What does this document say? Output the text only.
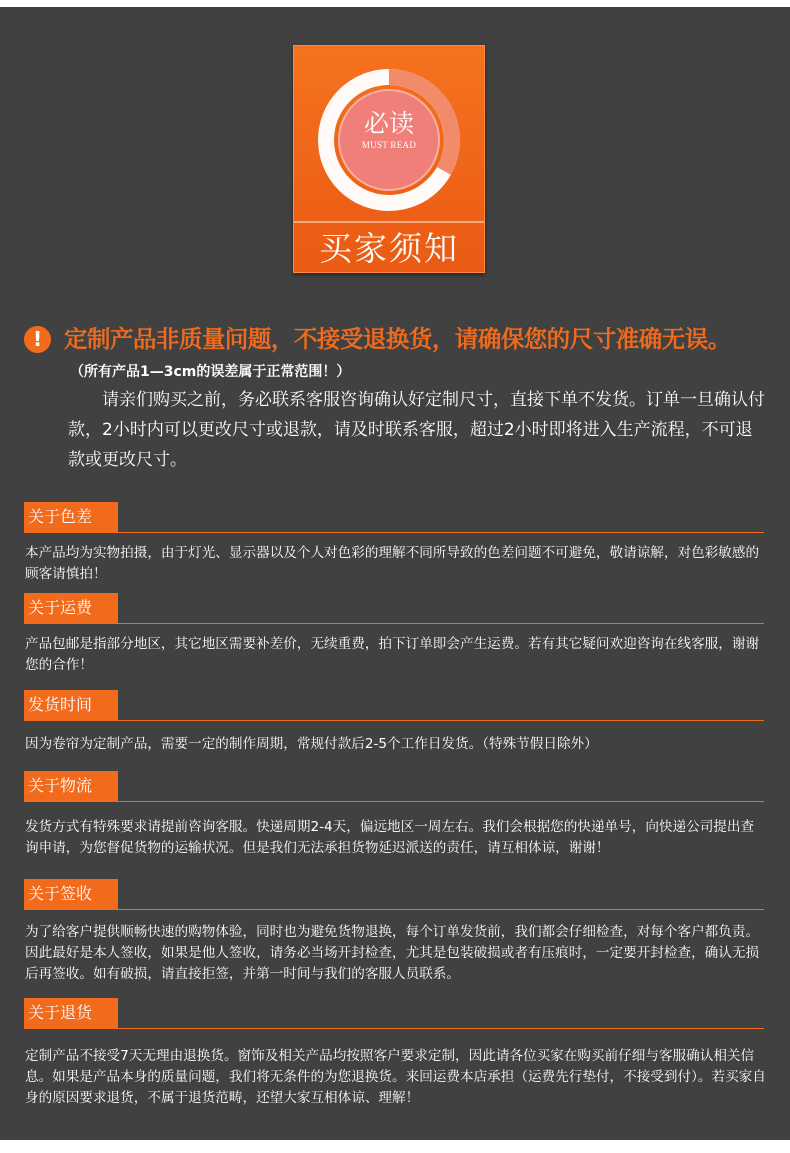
必读
MUST READ
买家须知
! 定制产品非质量问题，不接受退换货，请确保您的尺寸准确无误。
（所有产品1—3cm的误差属于正常范围！）

请亲们购买之前，务必联系客服咨询确认好定制尺寸，直接下单不发货。订单一旦确认付款，2小时内可以更改尺寸或退款，请及时联系客服，超过2小时即将进入生产流程，不可退款或更改尺寸。

关于色差
本产品均为实物拍摄，由于灯光、显示器以及个人对色彩的理解不同所导致的色差问题不可避免，敬请谅解，对色彩敏感的顾客请慎拍！
关于运费
产品包邮是指部分地区，其它地区需要补差价，无续重费，拍下订单即会产生运费。若有其它疑问欢迎咨询在线客服，谢谢您的合作！
发货时间
因为卷帘为定制产品，需要一定的制作周期，常规付款后2-5个工作日发货。（特殊节假日除外）
关于物流
发货方式有特殊要求请提前咨询客服。快递周期2-4天，偏远地区一周左右。我们会根据您的快递单号，向快递公司提出查询申请，为您督促货物的运输状况。但是我们无法承担货物延迟派送的责任，请互相体谅，谢谢！
关于签收
为了给客户提供顺畅快速的购物体验，同时也为避免货物退换，每个订单发货前，我们都会仔细检查，对每个客户都负责。因此最好是本人签收，如果是他人签收，请务必当场开封检查，尤其是包装破损或者有压痕时，一定要开封检查，确认无损后再签收。如有破损，请直接拒签，并第一时间与我们的客服人员联系。
关于退货
定制产品不接受7天无理由退换货。窗饰及相关产品均按照客户要求定制，因此请各位买家在购买前仔细与客服确认相关信息。如果是产品本身的质量问题，我们将无条件的为您退换货。来回运费本店承担（运费先行垫付，不接受到付）。若买家自身的原因要求退货，不属于退货范畴，还望大家互相体谅、理解！
